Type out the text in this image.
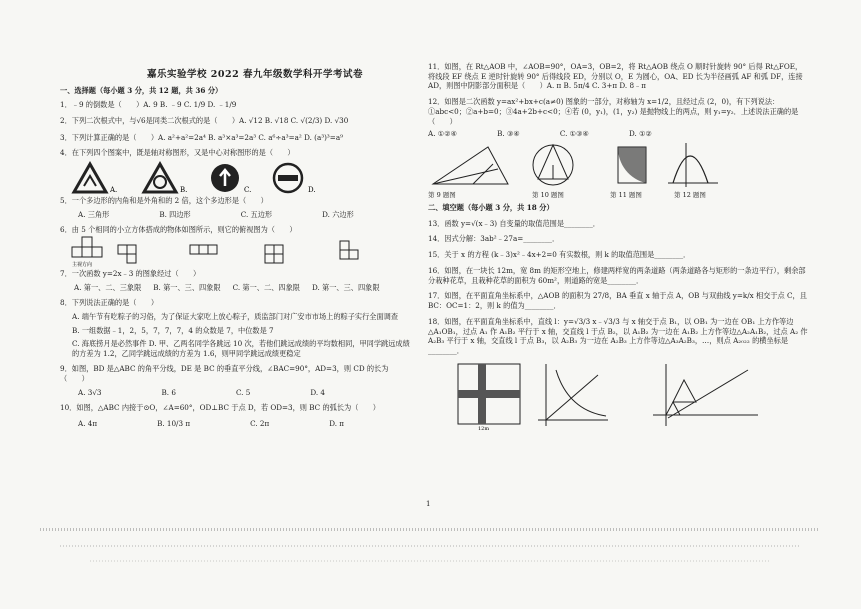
嘉乐实验学校 2022 春九年级数学科开学考试卷
一、选择题（每小题 3 分，共 12 题，共 36 分）
1．﹣9 的倒数是（　　）A. 9 B. ﹣9 C. 1/9 D. ﹣1/9
2．下列二次根式中，与√6是同类二次根式的是（　　）A. √12 B. √18 C. √(2/3) D. √30
3．下列计算正确的是（　　）A. a²+a²=2a⁴ B. a³×a³=2a³ C. a⁶÷a³=a² D. (a³)³=a⁹
4．在下列四个图案中，既是轴对称图形，又是中心对称图形的是（　　）
A.	B.	C.	D.
5．一个多边形的内角和是外角和的 2 倍，这个多边形是（　　）
A. 三角形	B. 四边形	C. 五边形	D. 六边形
6．由 5 个相同的小立方体搭成的物体如图所示，则它的俯视图为（　　）
主视方向
7．一次函数 y=2x﹣3 的图象经过（　　）
A. 第一、二、三象限 B. 第一、三、四象限 C. 第一、二、四象限 D. 第一、三、四象限
8．下列说法正确的是（　　）
A. 端午节有吃粽子的习俗，为了保证大家吃上放心粽子，质监部门对广安市市场上的粽子实行全面调查
B. 一组数据﹣1，2，5，7，7，7，4 的众数是 7，中位数是 7
C. 海底捞月是必然事件 D. 甲、乙两名同学各跳远 10 次，若他们跳远成绩的平均数相同，甲同学跳远成绩
的方差为 1.2，乙同学跳远成绩的方差为 1.6，则甲同学跳远成绩更稳定
9．如图，BD 是△ABC 的角平分线，DE 是 BC 的垂直平分线，∠BAC=90°，AD=3，则 CD 的长为（　　）
A. 3√3	B. 6	C. 5	D. 4
10．如图，△ABC 内接于⊙O，∠A=60°，OD⊥BC 于点 D，若 OD=3，则 BC 的弧长为（　　）
A. 4π	B. 10/3 π	C. 2π	D. π
11．如图，在 Rt△AOB 中，∠AOB=90°，OA=3，OB=2，将 Rt△AOB 绕点 O 顺时针旋转 90° 后得 Rt△FOE，将线段 EF 绕点 E 逆时针旋转 90° 后得线段 ED，分别以 O，E 为圆心，OA、ED 长为半径画弧 AF 和弧 DF，连接 AD，则图中阴影部分面积是（　　）A. π B. 5π/4 C. 3+π D. 8﹣π
12．如图是二次函数 y=ax²+bx+c(a≠0) 图象的一部分，对称轴为 x=1/2，且经过点 (2，0)，有下列说法：①abc<0；②a+b=0；③4a+2b+c<0；④若 (0，y₁)，(1，y₂) 是抛物线上的两点，则 y₁=y₂．上述说法正确的是（　　）
A. ①②④	B. ③④	C. ①③④	D. ①②
第 9 题图	第 10 题图	第 11 题图	第 12 题图
二、填空题（每小题 3 分，共 18 分）
13．函数 y=√(x﹣3) 自变量的取值范围是________．
14．因式分解：3ab²﹣27a=________．
15．关于 x 的方程 (k﹣3)x²﹣4x+2=0 有实数根，则 k 的取值范围是________．
16．如图，在一块长 12m，宽 8m 的矩形空地上，修建两样宽的两条道路（两条道路各与矩形的一条边平行），剩余部分栽种花草，且栽种花草的面积为 60m²，则道路的宽是________．
17．如图，在平面直角坐标系中，△AOB 的面积为 27/8，BA 垂直 x 轴于点 A，OB 与双曲线 y=k/x 相交于点 C，且 BC：OC=1：2，则 k 的值为________．
18．如图，在平面直角坐标系中，直线 l：y=√3/3 x﹣√3/3 与 x 轴交于点 B₁，以 OB₁ 为一边在 OB₁ 上方作等边△A₁OB₁，过点 A₁ 作 A₁B₂ 平行于 x 轴，交直线 l 于点 B₂，以 A₁B₂ 为一边在 A₁B₂ 上方作等边△A₂A₁B₂，过点 A₂ 作 A₂B₃ 平行于 x 轴，交直线 l 于点 B₃，以 A₂B₃ 为一边在 A₂B₃ 上方作等边△A₃A₂B₃，…，则点 A₂₀₂₂ 的横坐标是________．
12m
1
